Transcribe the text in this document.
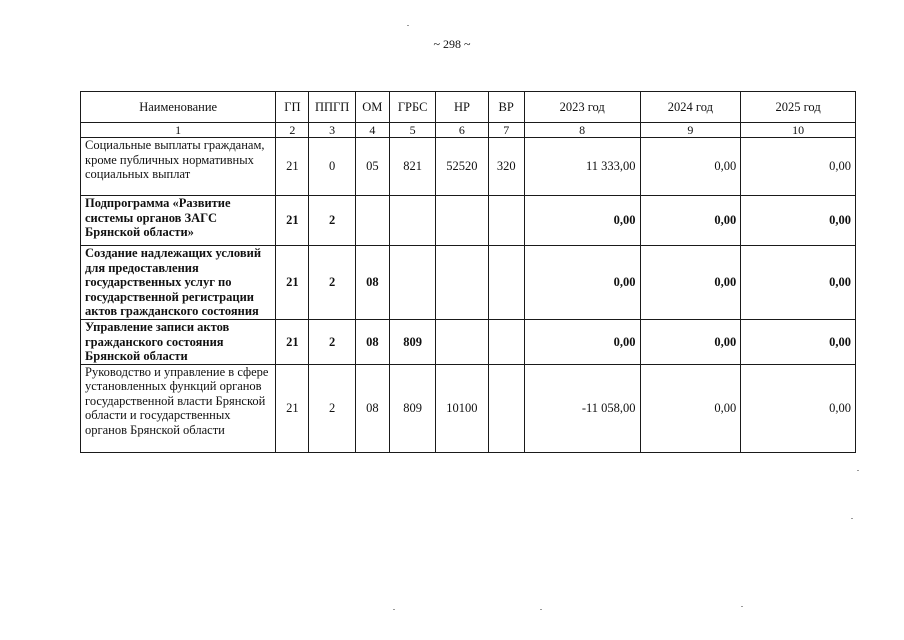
~ 298 ~
Наименование	ГП	ППГП	ОМ	ГРБС	НР	ВР	2023 год	2024 год	2025 год
1	2	3	4	5	6	7	8	9	10
Социальные выплаты гражданам, кроме публичных нормативных социальных выплат	21	0	05	821	52520	320	11 333,00	0,00	0,00
Подпрограмма «Развитие системы органов ЗАГС Брянской области»	21	2					0,00	0,00	0,00
Создание надлежащих условий для предоставления государственных услуг по государственной регистрации актов гражданского состояния	21	2	08				0,00	0,00	0,00
Управление записи актов гражданского состояния Брянской области	21	2	08	809			0,00	0,00	0,00
Руководство и управление в сфере установленных функций органов государственной власти Брянской области и государственных органов Брянской области	21	2	08	809	10100		-11 058,00	0,00	0,00
